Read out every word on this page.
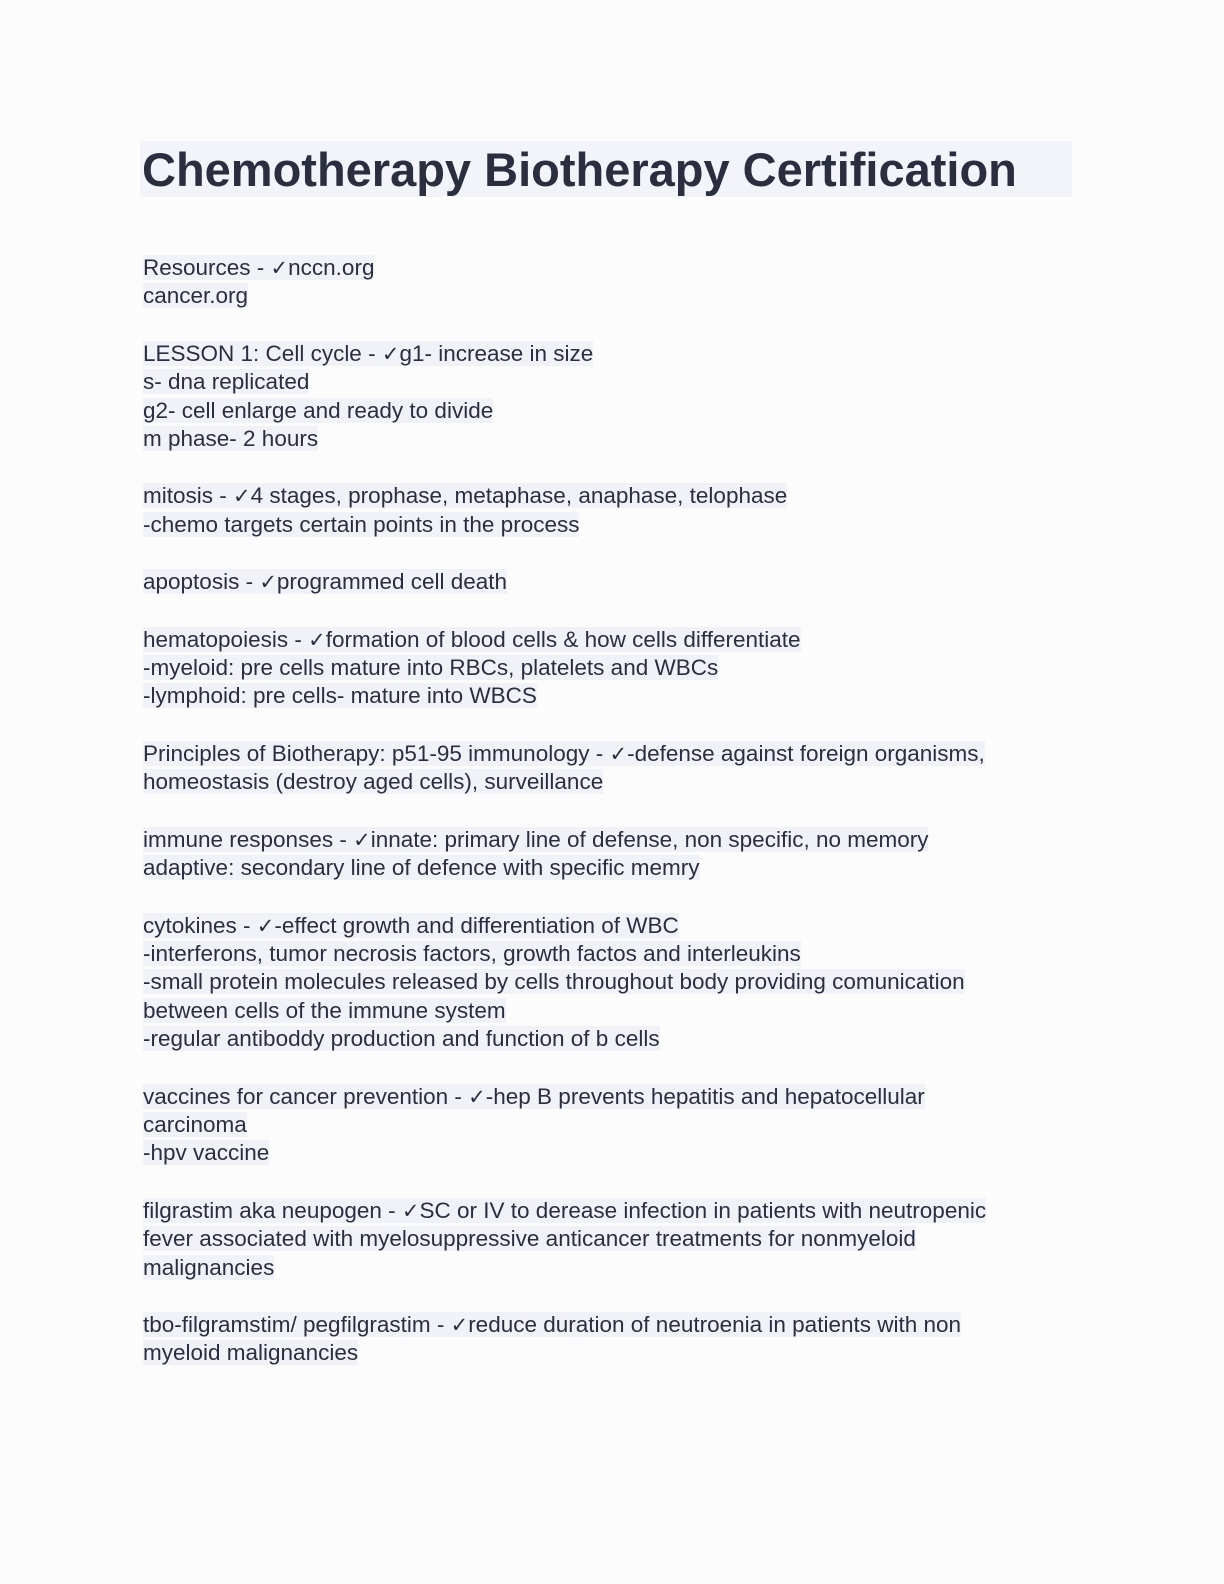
Chemotherapy Biotherapy Certification
Resources - ✓nccn.org
cancer.org
LESSON 1: Cell cycle - ✓g1- increase in size
s- dna replicated
g2- cell enlarge and ready to divide
m phase- 2 hours
mitosis - ✓4 stages, prophase, metaphase, anaphase, telophase
-chemo targets certain points in the process
apoptosis - ✓programmed cell death
hematopoiesis - ✓formation of blood cells & how cells differentiate
-myeloid: pre cells mature into RBCs, platelets and WBCs
-lymphoid: pre cells- mature into WBCS
Principles of Biotherapy: p51-95 immunology - ✓-defense against foreign organisms,
homeostasis (destroy aged cells), surveillance
immune responses - ✓innate: primary line of defense, non specific, no memory
adaptive: secondary line of defence with specific memry
cytokines - ✓-effect growth and differentiation of WBC
-interferons, tumor necrosis factors, growth factos and interleukins
-small protein molecules released by cells throughout body providing comunication
between cells of the immune system
-regular antiboddy production and function of b cells
vaccines for cancer prevention - ✓-hep B prevents hepatitis and hepatocellular
carcinoma
-hpv vaccine
filgrastim aka neupogen - ✓SC or IV to derease infection in patients with neutropenic
fever associated with myelosuppressive anticancer treatments for nonmyeloid
malignancies
tbo-filgramstim/ pegfilgrastim - ✓reduce duration of neutroenia in patients with non
myeloid malignancies
